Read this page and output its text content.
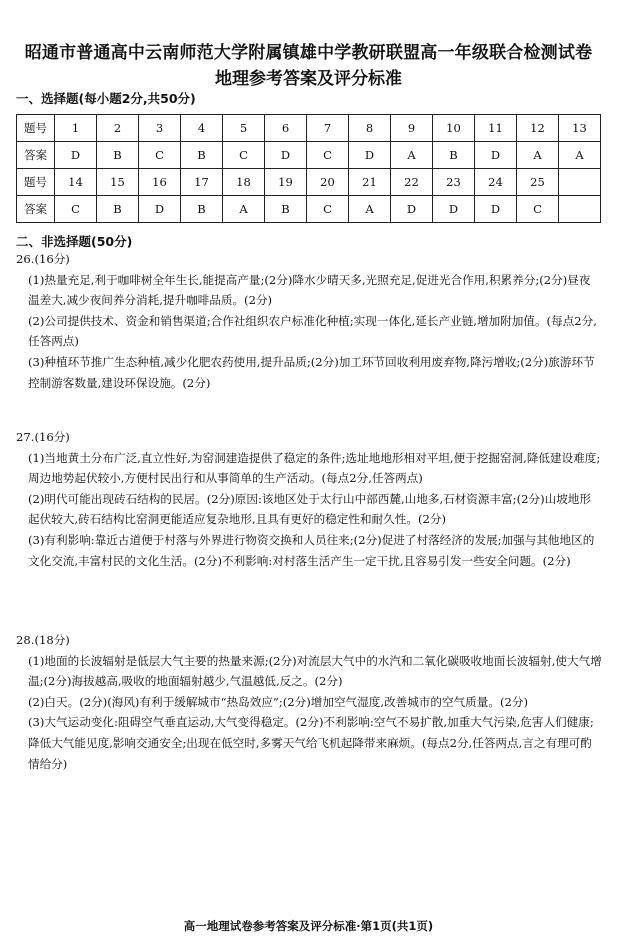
昭通市普通高中云南师范大学附属镇雄中学教研联盟高一年级联合检测试卷
地理参考答案及评分标准
一、选择题(每小题2分,共50分)
题号	1	2	3	4	5	6	7	8	9	10	11	12	13
答案	D	B	C	B	C	D	C	D	A	B	D	A	A
题号	14	15	16	17	18	19	20	21	22	23	24	25	
答案	C	B	D	B	A	B	C	A	D	D	D	C	
二、非选择题(50分)
26.(16分)
(1)热量充足,利于咖啡树全年生长,能提高产量;(2分)降水少晴天多,光照充足,促进光合作用,积累养分;(2分)昼夜温差大,减少夜间养分消耗,提升咖啡品质。(2分)
(2)公司提供技术、资金和销售渠道;合作社组织农户标准化种植;实现一体化,延长产业链,增加附加值。(每点2分,任答两点)
(3)种植环节推广生态种植,减少化肥农药使用,提升品质;(2分)加工环节回收利用废弃物,降污增收;(2分)旅游环节控制游客数量,建设环保设施。(2分)
27.(16分)
(1)当地黄土分布广泛,直立性好,为窑洞建造提供了稳定的条件;选址地地形相对平坦,便于挖掘窑洞,降低建设难度;周边地势起伏较小,方便村民出行和从事简单的生产活动。(每点2分,任答两点)
(2)明代可能出现砖石结构的民居。(2分)原因:该地区处于太行山中部西麓,山地多,石材资源丰富;(2分)山坡地形起伏较大,砖石结构比窑洞更能适应复杂地形,且具有更好的稳定性和耐久性。(2分)
(3)有利影响:靠近古道便于村落与外界进行物资交换和人员往来;(2分)促进了村落经济的发展;加强与其他地区的文化交流,丰富村民的文化生活。(2分)不利影响:对村落生活产生一定干扰,且容易引发一些安全问题。(2分)
28.(18分)
(1)地面的长波辐射是低层大气主要的热量来源;(2分)对流层大气中的水汽和二氧化碳吸收地面长波辐射,使大气增温;(2分)海拔越高,吸收的地面辐射越少,气温越低,反之。(2分)
(2)白天。(2分)(海风)有利于缓解城市“热岛效应”;(2分)增加空气湿度,改善城市的空气质量。(2分)
(3)大气运动变化:阻碍空气垂直运动,大气变得稳定。(2分)不利影响:空气不易扩散,加重大气污染,危害人们健康;降低大气能见度,影响交通安全;出现在低空时,多雾天气给飞机起降带来麻烦。(每点2分,任答两点,言之有理可酌情给分)
高一地理试卷参考答案及评分标准·第1页(共1页)
